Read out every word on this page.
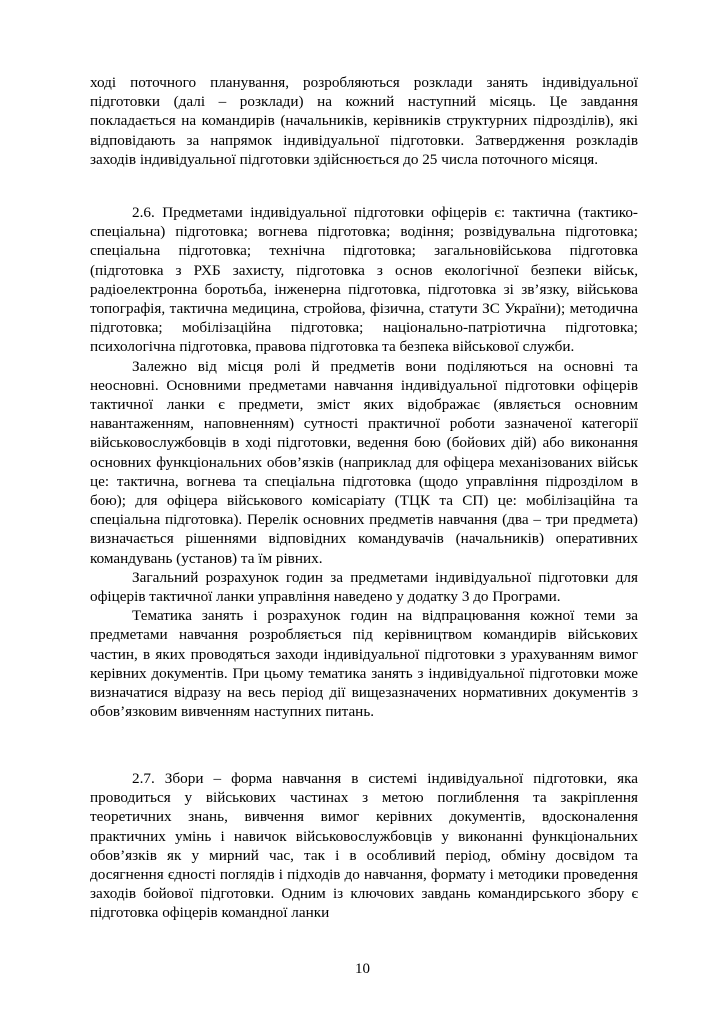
ході поточного планування, розробляються розклади занять індивідуальної підготовки (далі – розклади) на кожний наступний місяць. Це завдання покладається на командирів (начальників, керівників структурних підрозділів), які відповідають за напрямок індивідуальної підготовки. Затвердження розкладів заходів індивідуальної підготовки здійснюється до 25 числа поточного місяця.

2.6. Предметами індивідуальної підготовки офіцерів є: тактична (тактико-спеціальна) підготовка; вогнева підготовка; водіння; розвідувальна підготовка; спеціальна підготовка; технічна підготовка; загальновійськова підготовка (підготовка з РХБ захисту, підготовка з основ екологічної безпеки військ, радіоелектронна боротьба, інженерна підготовка, підготовка зі зв’язку, військова топографія, тактична медицина, стройова, фізична, статути ЗС України); методична підготовка; мобілізаційна підготовка; національно-патріотична підготовка; психологічна підготовка, правова підготовка та безпека військової служби.

Залежно від місця ролі й предметів вони поділяються на основні та неосновні. Основними предметами навчання індивідуальної підготовки офіцерів тактичної ланки є предмети, зміст яких відображає (являється основним навантаженням, наповненням) сутності практичної роботи зазначеної категорії військовослужбовців в ході підготовки, ведення бою (бойових дій) або виконання основних функціональних обов’язків (наприклад для офіцера механізованих військ це: тактична, вогнева та спеціальна підготовка (щодо управління підрозділом в бою); для офіцера військового комісаріату (ТЦК та СП) це: мобілізаційна та спеціальна підготовка). Перелік основних предметів навчання (два – три предмета) визначається рішеннями відповідних командувачів (начальників) оперативних командувань (установ) та їм рівних.

Загальний розрахунок годин за предметами індивідуальної підготовки для офіцерів тактичної ланки управління наведено у додатку 3 до Програми.

Тематика занять і розрахунок годин на відпрацювання кожної теми за предметами навчання розробляється під керівництвом командирів військових частин, в яких проводяться заходи індивідуальної підготовки з урахуванням вимог керівних документів. При цьому тематика занять з індивідуальної підготовки може визначатися відразу на весь період дії вищезазначених нормативних документів з обов’язковим вивченням наступних питань.

2.7. Збори – форма навчання в системі індивідуальної підготовки, яка проводиться у військових частинах з метою поглиблення та закріплення теоретичних знань, вивчення вимог керівних документів, вдосконалення практичних умінь і навичок військовослужбовців у виконанні функціональних обов’язків як у мирний час, так і в особливий період, обміну досвідом та досягнення єдності поглядів і підходів до навчання, формату і методики проведення заходів бойової підготовки. Одним із ключових завдань командирського збору є підготовка офіцерів командної ланки

10
